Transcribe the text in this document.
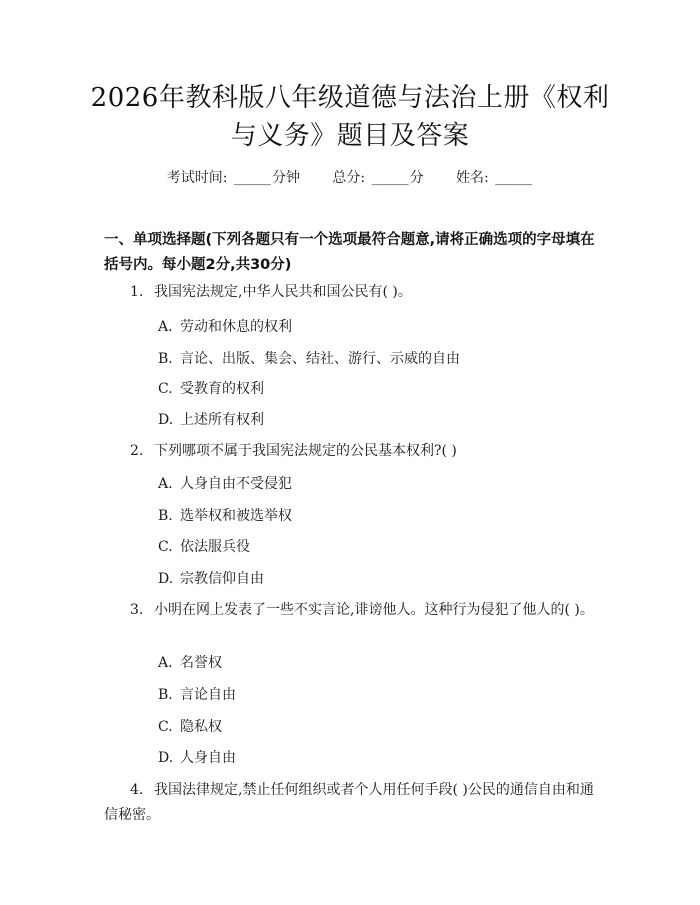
2026年教科版八年级道德与法治上册《权利
与义务》题目及答案
考试时间: ______ 分钟 总分: ______ 分 姓名: ______
一、单项选择题(下列各题只有一个选项最符合题意,请将正确选项的字母填在括号内。每小题2分,共30分)
1. 我国宪法规定,中华人民共和国公民有( )。
A. 劳动和休息的权利
B. 言论、出版、集会、结社、游行、示威的自由
C. 受教育的权利
D. 上述所有权利
2. 下列哪项不属于我国宪法规定的公民基本权利?( )
A. 人身自由不受侵犯
B. 选举权和被选举权
C. 依法服兵役
D. 宗教信仰自由
3. 小明在网上发表了一些不实言论,诽谤他人。这种行为侵犯了他人的( )。
A. 名誉权
B. 言论自由
C. 隐私权
D. 人身自由
4. 我国法律规定,禁止任何组织或者个人用任何手段( )公民的通信自由和通信秘密。
